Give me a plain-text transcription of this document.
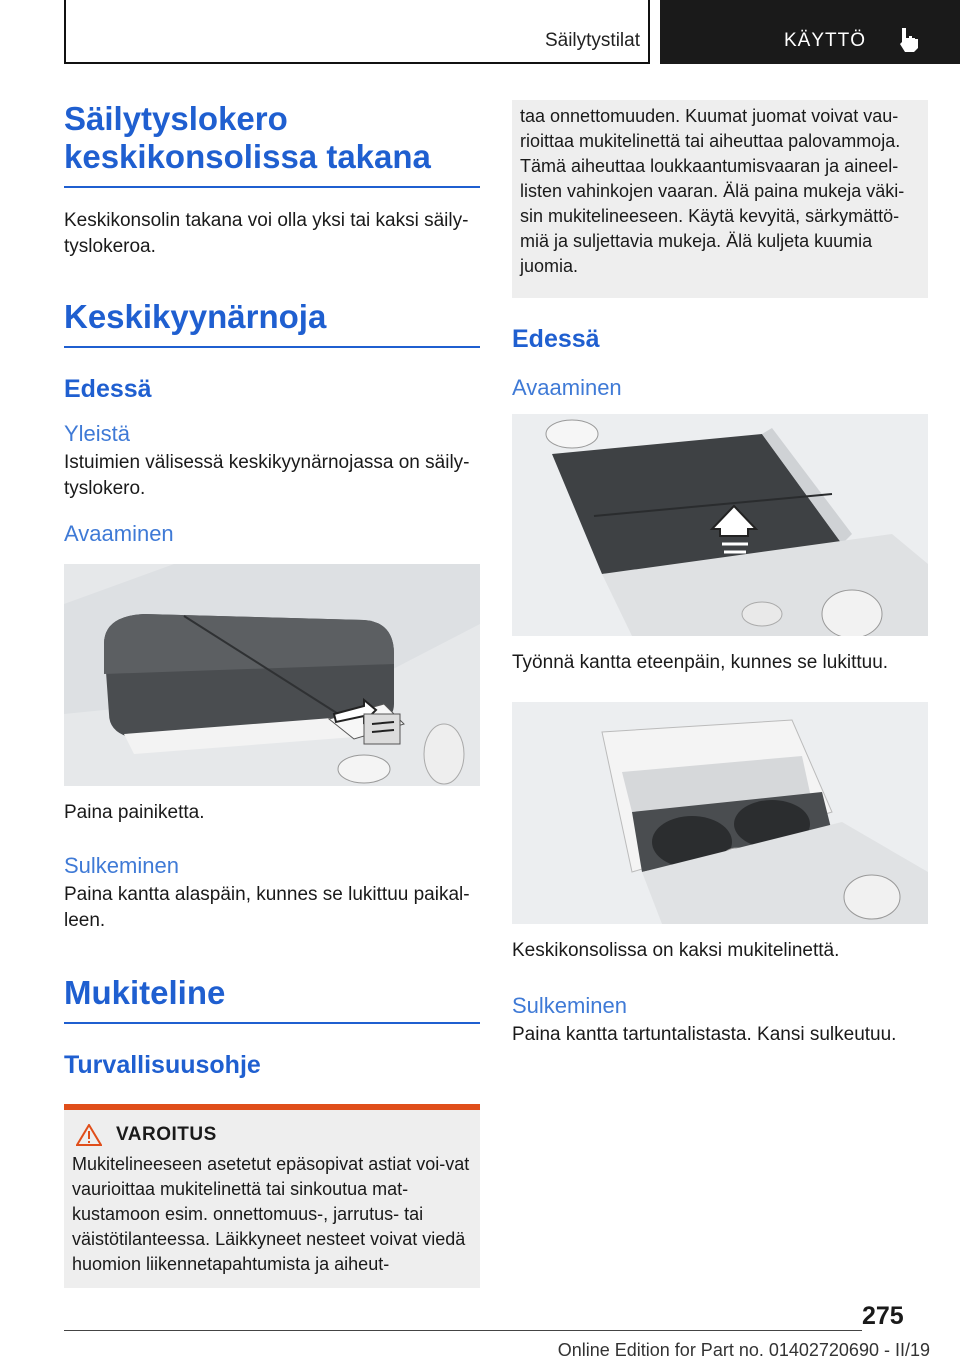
Säilytystilat	KÄYTTÖ
Säilytyslokero keskikonsolissa takana

Keskikonsolin takana voi olla yksi tai kaksi säily-tyslokeroa.

Keskikyynärnoja
Edessä
Yleistä

Istuimien välisessä keskikyynärnojassa on säily-tyslokero.

Avaaminen

Paina painiketta.

Sulkeminen

Paina kantta alaspäin, kunnes se lukittuu paikal-leen.

Mukiteline
Turvallisuusohje
VAROITUS
Mukitelineeseen asetetut epäsopivat astiat voi-vat vaurioittaa mukitelinettä tai sinkoutua mat-kustamoon esim. onnettomuus-, jarrutus- tai väistötilanteessa. Läikkyneet nesteet voivat viedä huomion liikennetapahtumista ja aiheut-
taa onnettomuuden. Kuumat juomat voivat vau-rioittaa mukitelinettä tai aiheuttaa palovammoja. Tämä aiheuttaa loukkaantumisvaaran ja aineel-listen vahinkojen vaaran. Älä paina mukeja väki-sin mukitelineeseen. Käytä kevyitä, särkymättö-miä ja suljettavia mukeja. Älä kuljeta kuumia juomia.
Edessä
Avaaminen

Työnnä kantta eteenpäin, kunnes se lukittuu.

Keskikonsolissa on kaksi mukitelinettä.

Sulkeminen

Paina kantta tartuntalistasta. Kansi sulkeutuu.

275
Online Edition for Part no. 01402720690 - II/19
